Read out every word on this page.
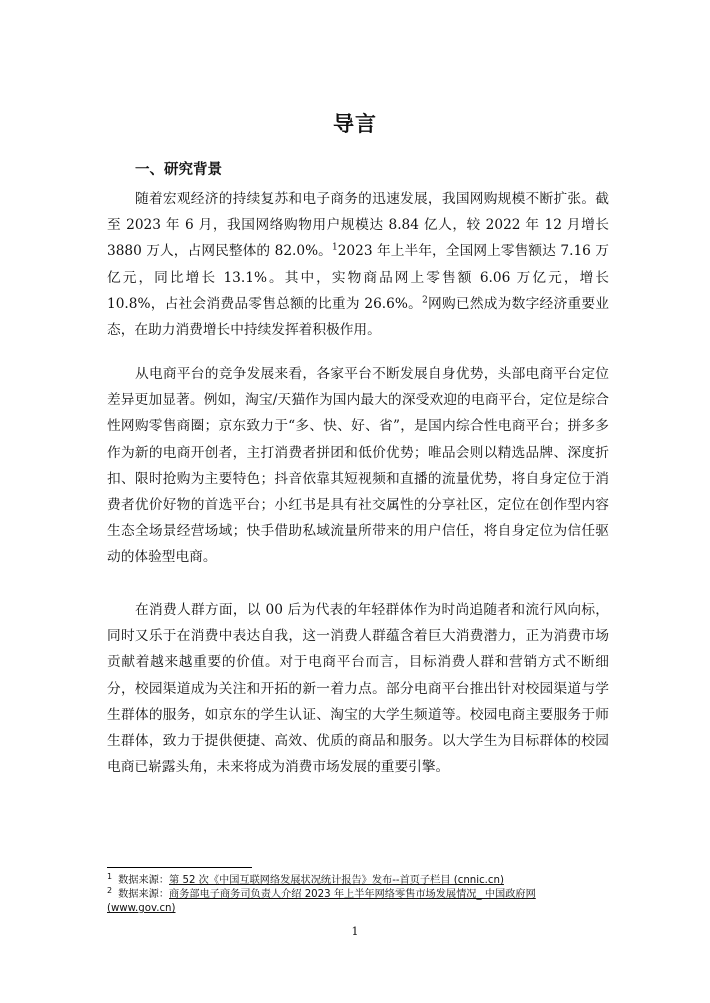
导言
一、研究背景

随着宏观经济的持续复苏和电子商务的迅速发展，我国网购规模不断扩张。截至 2023 年 6 月，我国网络购物用户规模达 8.84 亿人，较 2022 年 12 月增长 3880 万人，占网民整体的 82.0%。$^1$2023 年上半年，全国网上零售额达 7.16 万亿元，同比增长 13.1%。其中，实物商品网上零售额 6.06 万亿元，增长 10.8%，占社会消费品零售总额的比重为 26.6%。$^2$网购已然成为数字经济重要业态，在助力消费增长中持续发挥着积极作用。

从电商平台的竞争发展来看，各家平台不断发展自身优势，头部电商平台定位差异更加显著。例如，淘宝/天猫作为国内最大的深受欢迎的电商平台，定位是综合性网购零售商圈；京东致力于“多、快、好、省”，是国内综合性电商平台；拼多多作为新的电商开创者，主打消费者拼团和低价优势；唯品会则以精选品牌、深度折扣、限时抢购为主要特色；抖音依靠其短视频和直播的流量优势，将自身定位于消费者优价好物的首选平台；小红书是具有社交属性的分享社区，定位在创作型内容生态全场景经营场域；快手借助私域流量所带来的用户信任，将自身定位为信任驱动的体验型电商。

在消费人群方面，以 00 后为代表的年轻群体作为时尚追随者和流行风向标，同时又乐于在消费中表达自我，这一消费人群蕴含着巨大消费潜力，正为消费市场贡献着越来越重要的价值。对于电商平台而言，目标消费人群和营销方式不断细分，校园渠道成为关注和开拓的新一着力点。部分电商平台推出针对校园渠道与学生群体的服务，如京东的学生认证、淘宝的大学生频道等。校园电商主要服务于师生群体，致力于提供便捷、高效、优质的商品和服务。以大学生为目标群体的校园电商已崭露头角，未来将成为消费市场发展的重要引擎。

$^1$ 数据来源：第 52 次《中国互联网络发展状况统计报告》发布--首页子栏目 (cnnic.cn)
$^2$ 数据来源：商务部电子商务司负责人介绍 2023 年上半年网络零售市场发展情况_ 中国政府网
(www.gov.cn)
1
